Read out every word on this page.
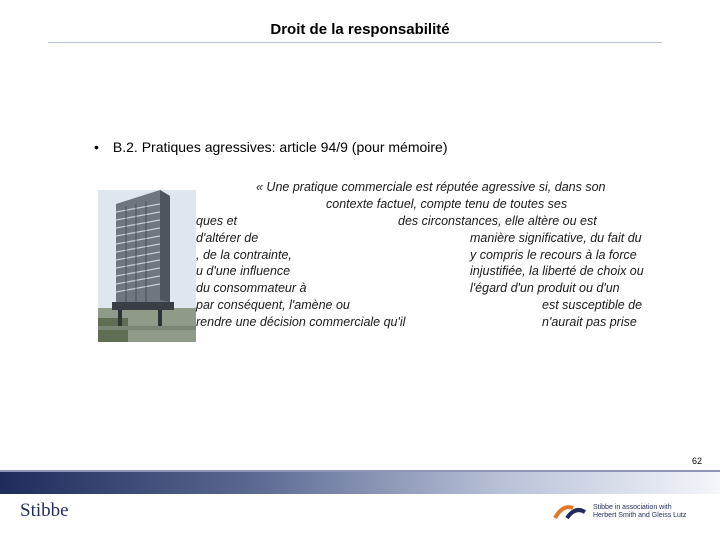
Droit de la responsabilité
• B.2. Pratiques agressives: article 94/9 (pour mémoire)
« Une pratique commerciale est réputée agressive si, dans son
contexte factuel, compte tenu de toutes ses
ques et	des circonstances, elle altère ou est
d'altérer de	manière significative, du fait du
, de la contrainte,	y compris le recours à la force
u d'une influence	injustifiée, la liberté de choix ou
du consommateur à	l'égard d'un produit ou d'un
par conséquent, l'amène ou	est susceptible de
rendre une décision commerciale qu'il	n'aurait pas prise
62
Stibbe	Stibbe in association with
Herbert Smith and Gleiss Lutz
